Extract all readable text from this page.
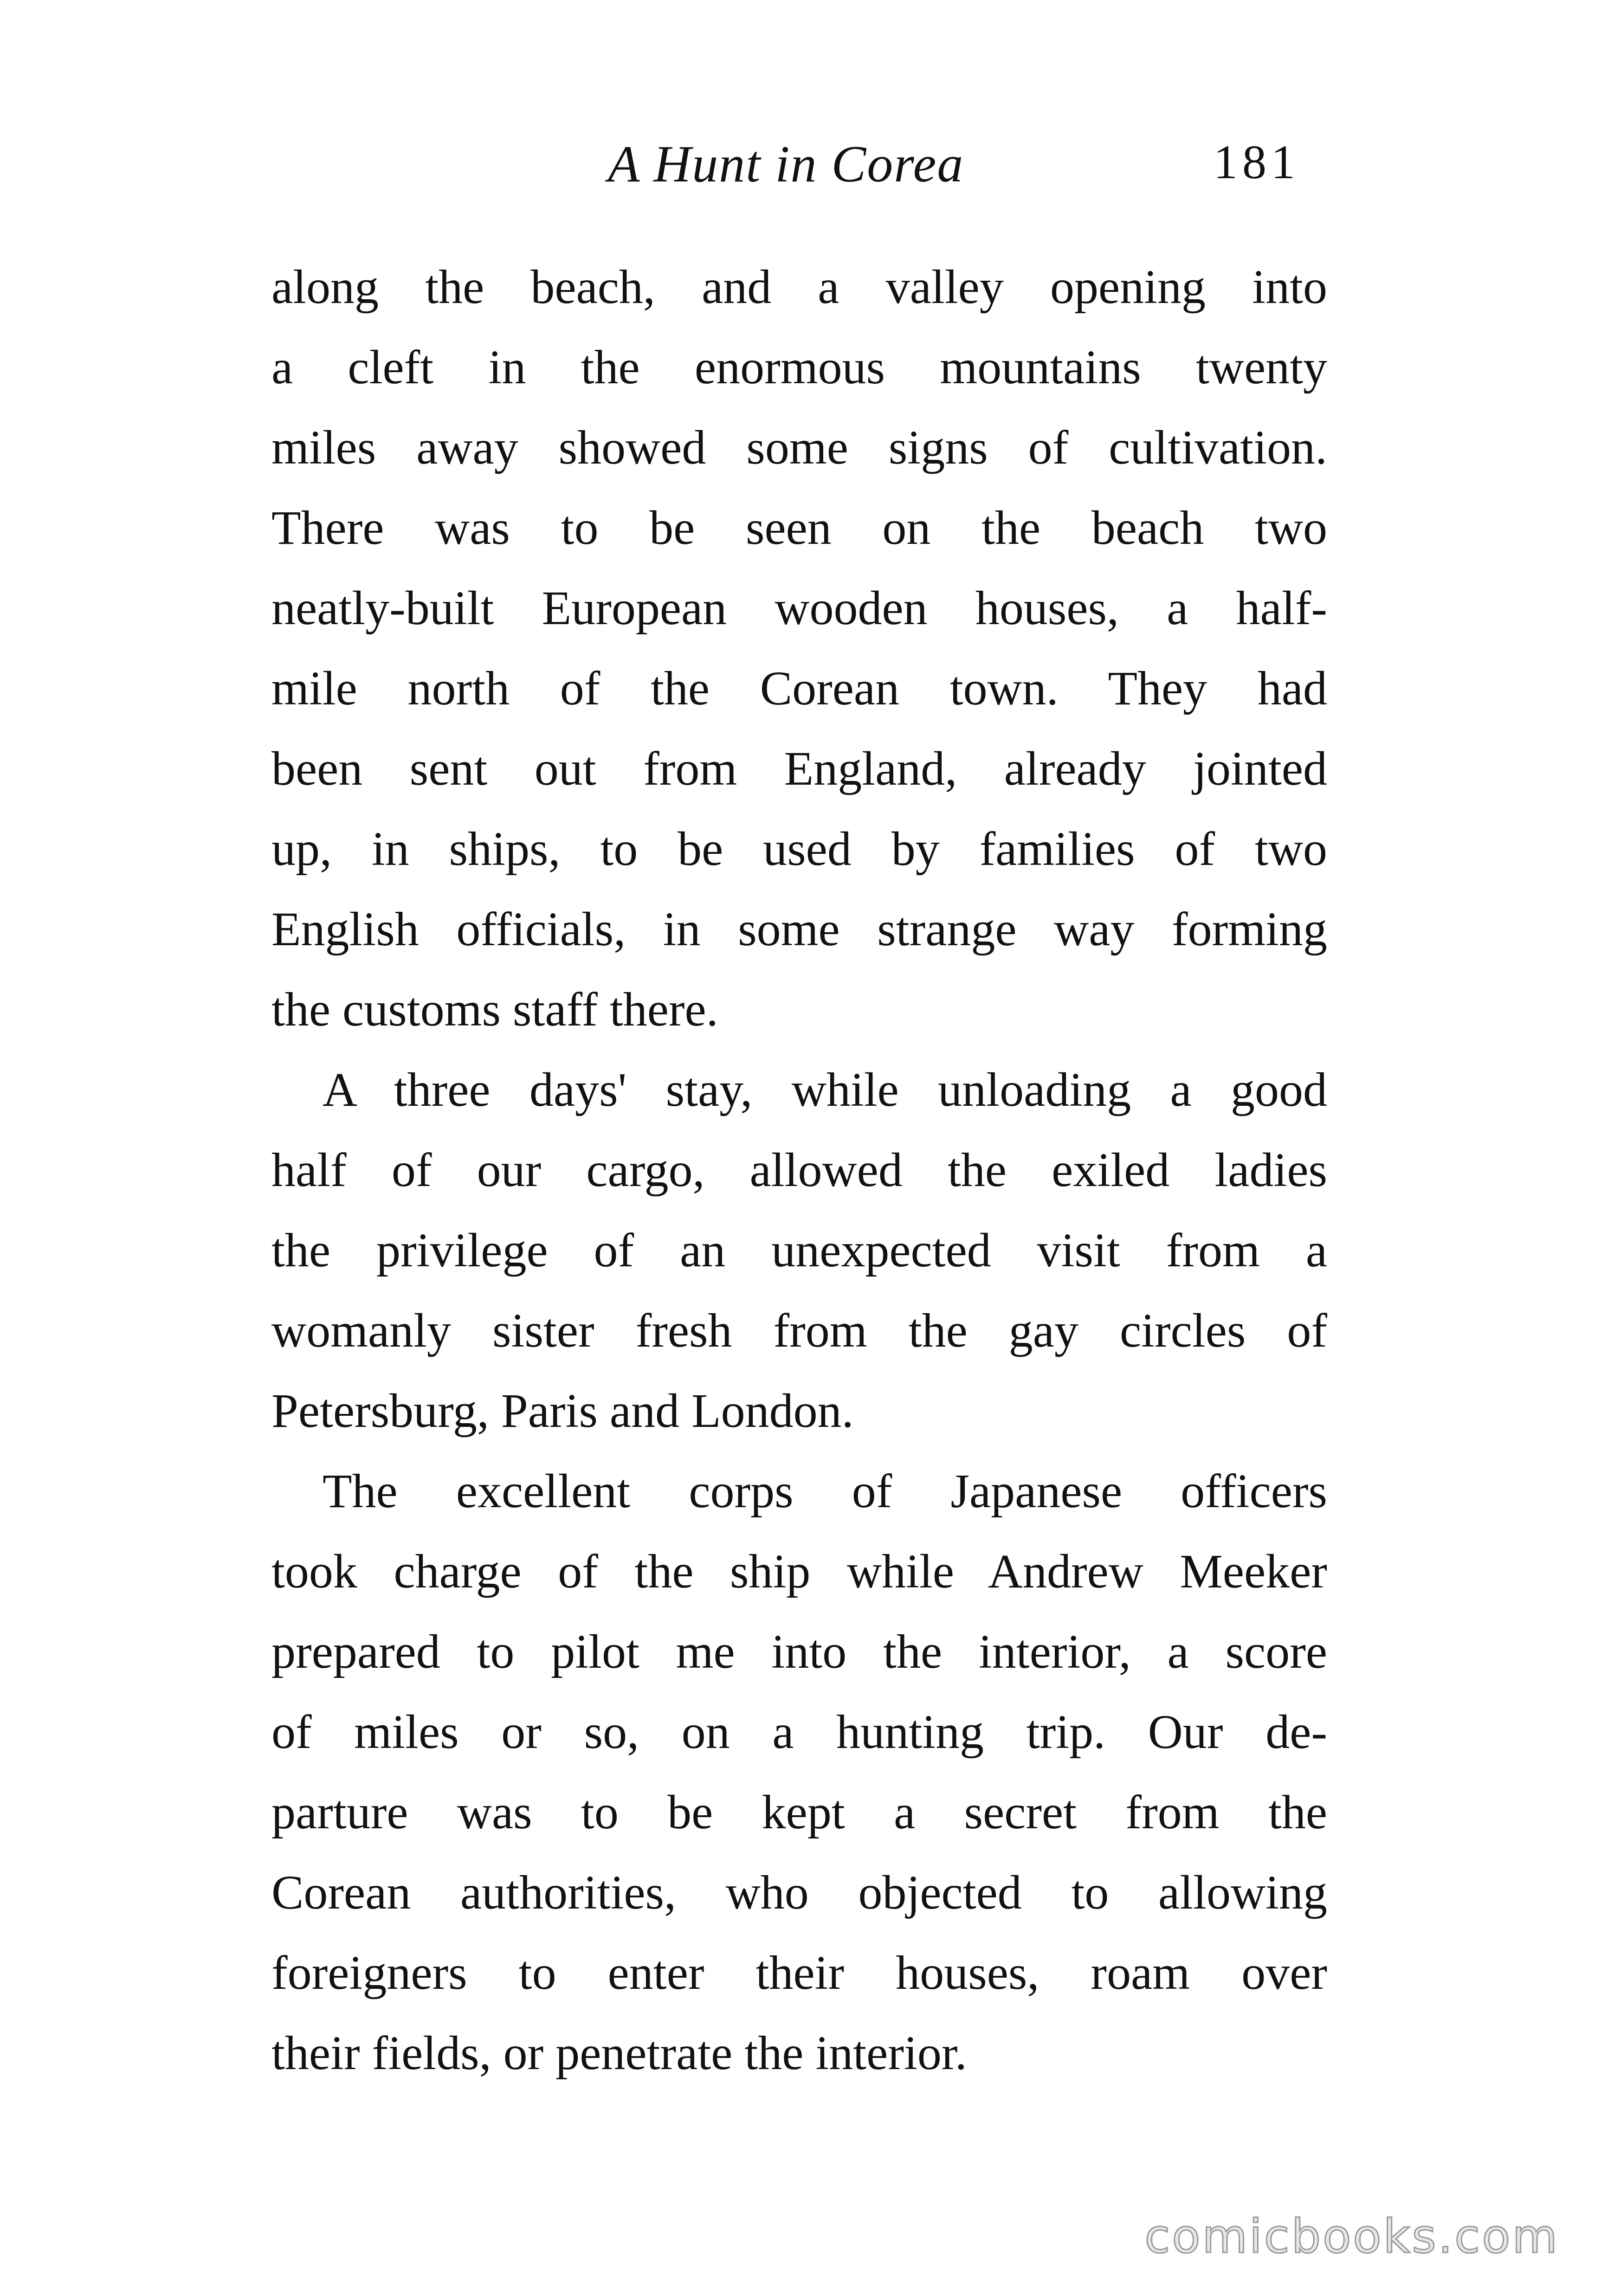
A Hunt in Corea	181
along the beach, and a valley opening into
a cleft in the enormous mountains twenty
miles away showed some signs of cultivation.
There was to be seen on the beach two
neatly-built European wooden houses, a half-
mile north of the Corean town. They had
been sent out from England, already jointed
up, in ships, to be used by families of two
English officials, in some strange way forming
the customs staff there.
A three days' stay, while unloading a good
half of our cargo, allowed the exiled ladies
the privilege of an unexpected visit from a
womanly sister fresh from the gay circles of
Petersburg, Paris and London.
The excellent corps of Japanese officers
took charge of the ship while Andrew Meeker
prepared to pilot me into the interior, a score
of miles or so, on a hunting trip. Our de-
parture was to be kept a secret from the
Corean authorities, who objected to allowing
foreigners to enter their houses, roam over
their fields, or penetrate the interior.
comicbooks.com
